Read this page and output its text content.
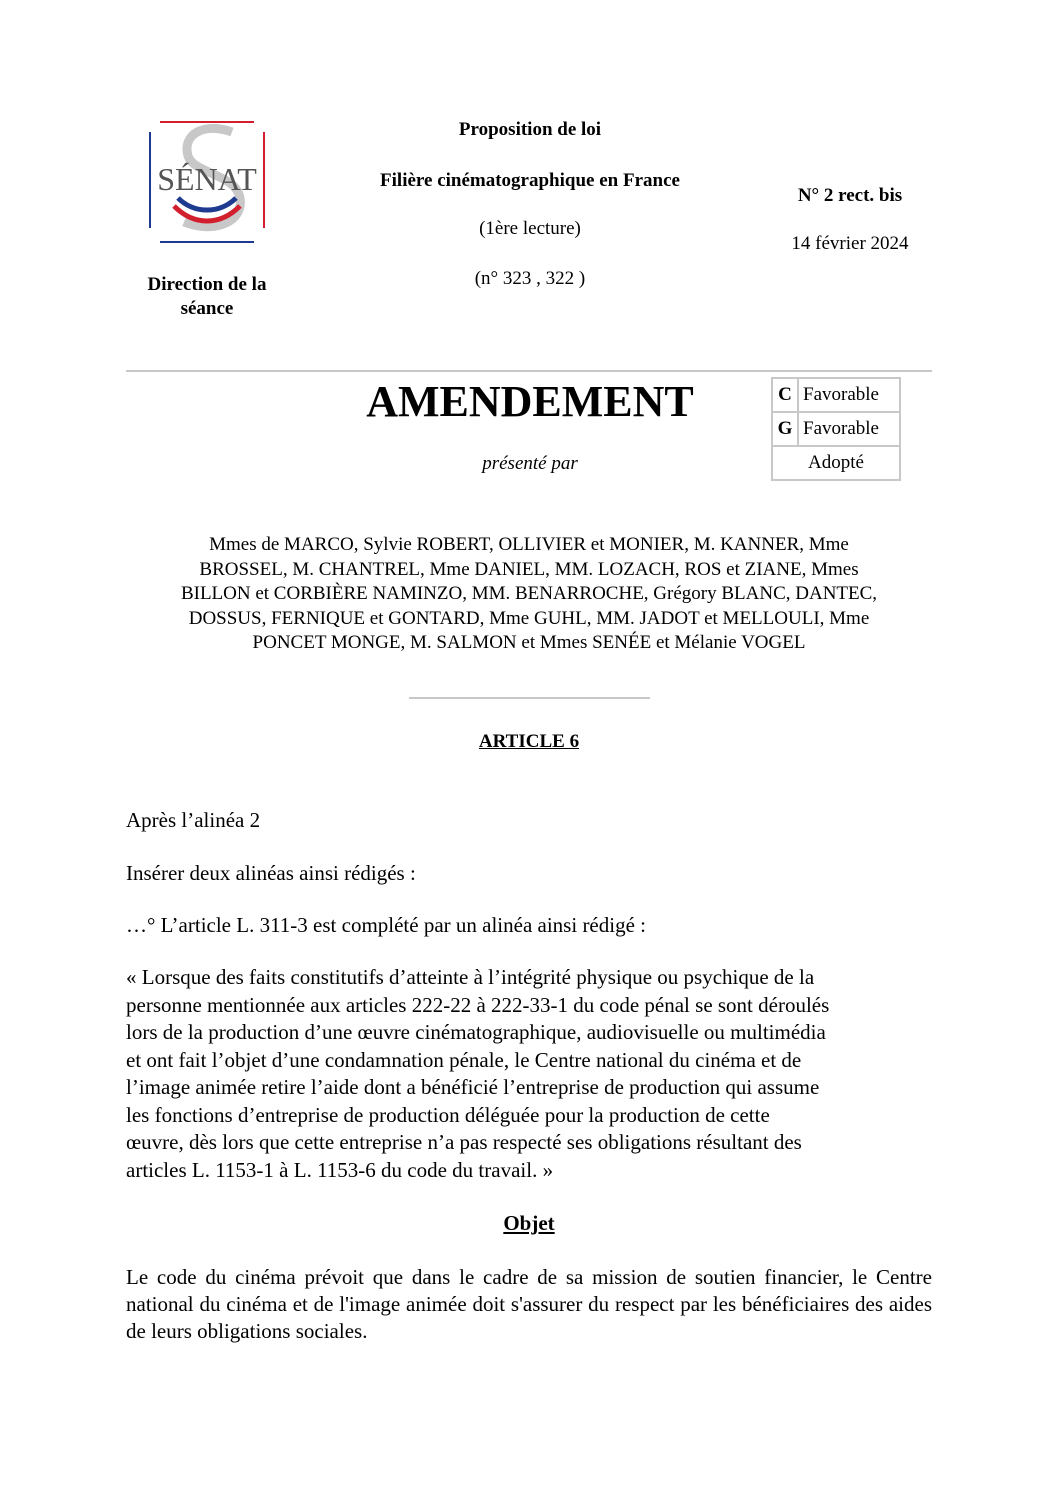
SÉNAT
Direction de la séance
Proposition de loi
Filière cinématographique en France
(1ère lecture)
(n° 323 , 322 )
N° 2 rect. bis
14 février 2024
AMENDEMENT
présenté par
C	Favorable
G	Favorable
Adopté	
Mmes de MARCO, Sylvie ROBERT, OLLIVIER et MONIER, M. KANNER, Mme
BROSSEL, M. CHANTREL, Mme DANIEL, MM. LOZACH, ROS et ZIANE, Mmes
BILLON et CORBIÈRE NAMINZO, MM. BENARROCHE, Grégory BLANC, DANTEC,
DOSSUS, FERNIQUE et GONTARD, Mme GUHL, MM. JADOT et MELLOULI, Mme
PONCET MONGE, M. SALMON et Mmes SENÉE et Mélanie VOGEL
ARTICLE 6
Après l’alinéa 2
Insérer deux alinéas ainsi rédigés :
…° L’article L. 311-3 est complété par un alinéa ainsi rédigé :
« Lorsque des faits constitutifs d’atteinte à l’intégrité physique ou psychique de la
personne mentionnée aux articles 222-22 à 222-33-1 du code pénal se sont déroulés
lors de la production d’une œuvre cinématographique, audiovisuelle ou multimédia
et ont fait l’objet d’une condamnation pénale, le Centre national du cinéma et de
l’image animée retire l’aide dont a bénéficié l’entreprise de production qui assume
les fonctions d’entreprise de production déléguée pour la production de cette
œuvre, dès lors que cette entreprise n’a pas respecté ses obligations résultant des
articles L. 1153-1 à L. 1153-6 du code du travail. »
Objet
Le code du cinéma prévoit que dans le cadre de sa mission de soutien financier, le Centre national du cinéma et de l'image animée doit s'assurer du respect par les bénéficiaires des aides de leurs obligations sociales.
